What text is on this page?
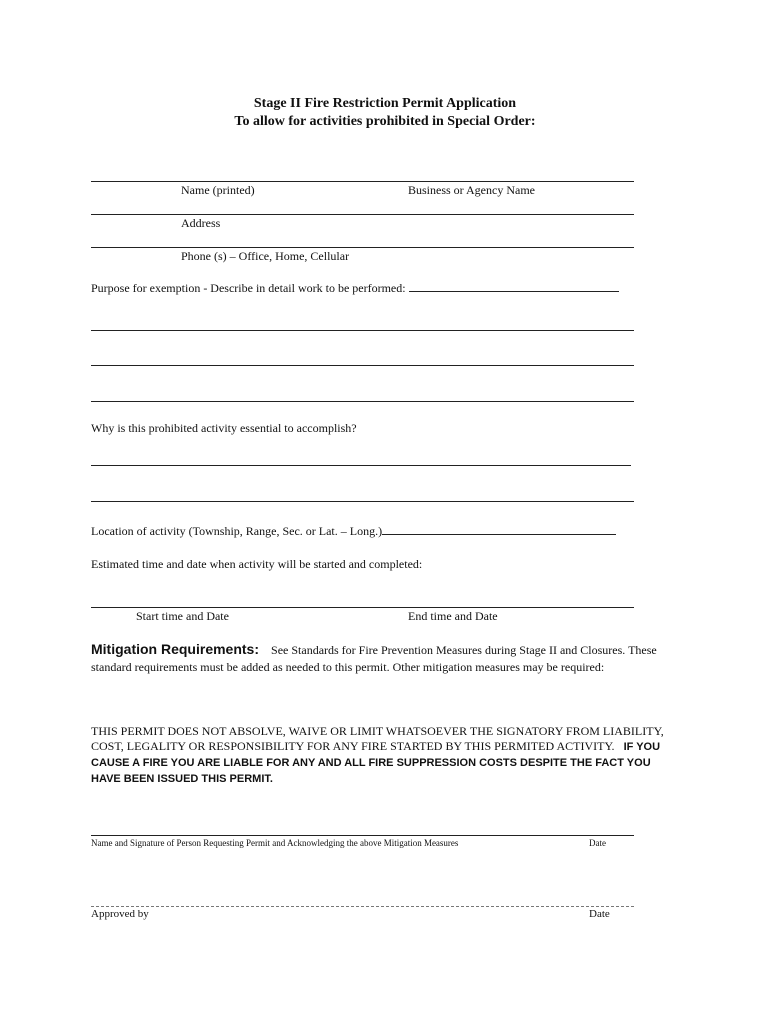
Stage II Fire Restriction Permit Application
To allow for activities prohibited in Special Order:
Name (printed)	Business or Agency Name
Address
Phone (s) – Office, Home, Cellular
Purpose for exemption - Describe in detail work to be performed:
Why is this prohibited activity essential to accomplish?
Location of activity (Township, Range, Sec. or Lat. – Long.)
Estimated time and date when activity will be started and completed:
Start time and Date	End time and Date
Mitigation Requirements: See Standards for Fire Prevention Measures during Stage II and Closures. These standard requirements must be added as needed to this permit. Other mitigation measures may be required:
THIS PERMIT DOES NOT ABSOLVE, WAIVE OR LIMIT WHATSOEVER THE SIGNATORY FROM LIABILITY, COST, LEGALITY OR RESPONSIBILITY FOR ANY FIRE STARTED BY THIS PERMITED ACTIVITY. IF YOU CAUSE A FIRE YOU ARE LIABLE FOR ANY AND ALL FIRE SUPPRESSION COSTS DESPITE THE FACT YOU HAVE BEEN ISSUED THIS PERMIT.
Name and Signature of Person Requesting Permit and Acknowledging the above Mitigation Measures	Date
Approved by	Date
